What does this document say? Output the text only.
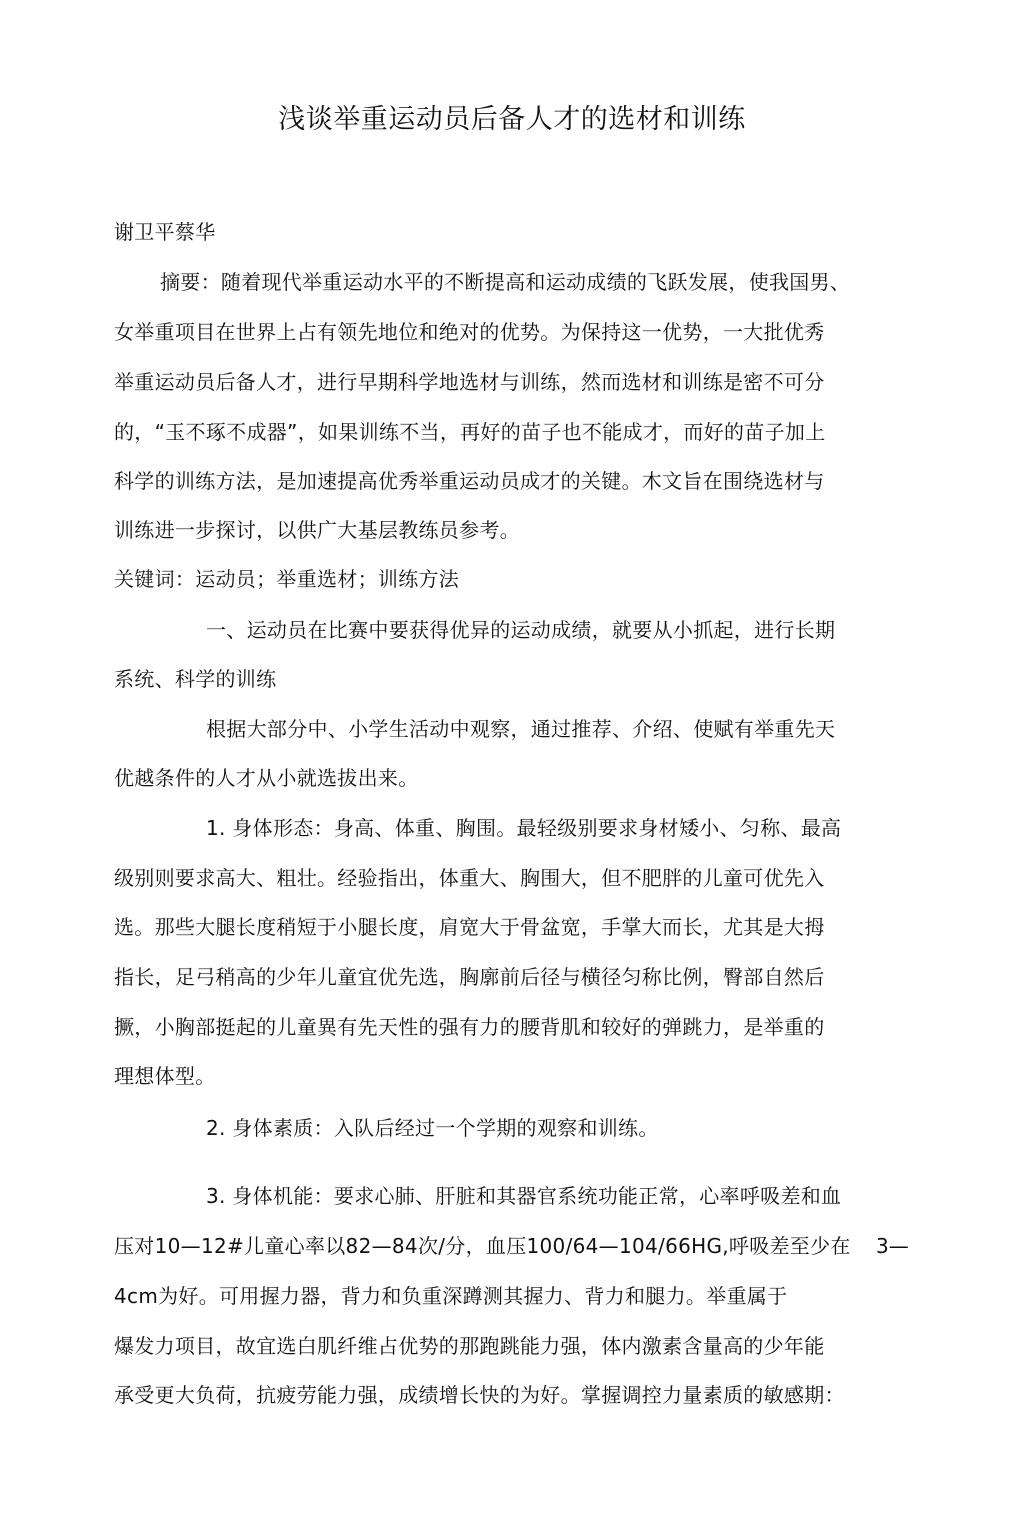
浅谈举重运动员后备人才的选材和训练
谢卫平蔡华
摘要：随着现代举重运动水平的不断提高和运动成绩的飞跃发展，使我国男、
女举重项目在世界上占有领先地位和绝对的优势。为保持这一优势，一大批优秀
举重运动员后备人才，进行早期科学地选材与训练，然而选材和训练是密不可分
的，“玉不琢不成器”，如果训练不当，再好的苗子也不能成才，而好的苗子加上
科学的训练方法，是加速提高优秀举重运动员成才的关键。木文旨在围绕选材与
训练进一步探讨，以供广大基层教练员参考。
关键词：运动员；举重选材；训练方法
一、运动员在比赛中要获得优异的运动成绩，就要从小抓起，进行长期
系统、科学的训练
根据大部分中、小学生活动中观察，通过推荐、介绍、使赋有举重先天
优越条件的人才从小就选拔出来。
1. 身体形态：身高、体重、胸围。最轻级别要求身材矮小、匀称、最高
级别则要求高大、粗壮。经验指出，体重大、胸围大，但不肥胖的儿童可优先入
选。那些大腿长度稍短于小腿长度，肩宽大于骨盆宽，手掌大而长，尤其是大拇
指长，足弓稍高的少年儿童宜优先选，胸廓前后径与横径匀称比例，臀部自然后
撅，小胸部挺起的儿童異有先天性的强有力的腰背肌和较好的弹跳力，是举重的
理想体型。
2. 身体素质：入队后经过一个学期的观察和训练。
3. 身体机能：要求心肺、肝脏和其器官系统功能正常，心率呼吸差和血
压对10—12#儿童心率以82—84次/分，血压100/64—104/66HG,呼吸差至少在 3—
4cm为好。可用握力器，背力和负重深蹲测其握力、背力和腿力。举重属于
爆发力项目，故宜选白肌纤维占优势的那跑跳能力强，体内激素含量高的少年能
承受更大负荷，抗疲劳能力强，成绩增长快的为好。掌握调控力量素质的敏感期：
